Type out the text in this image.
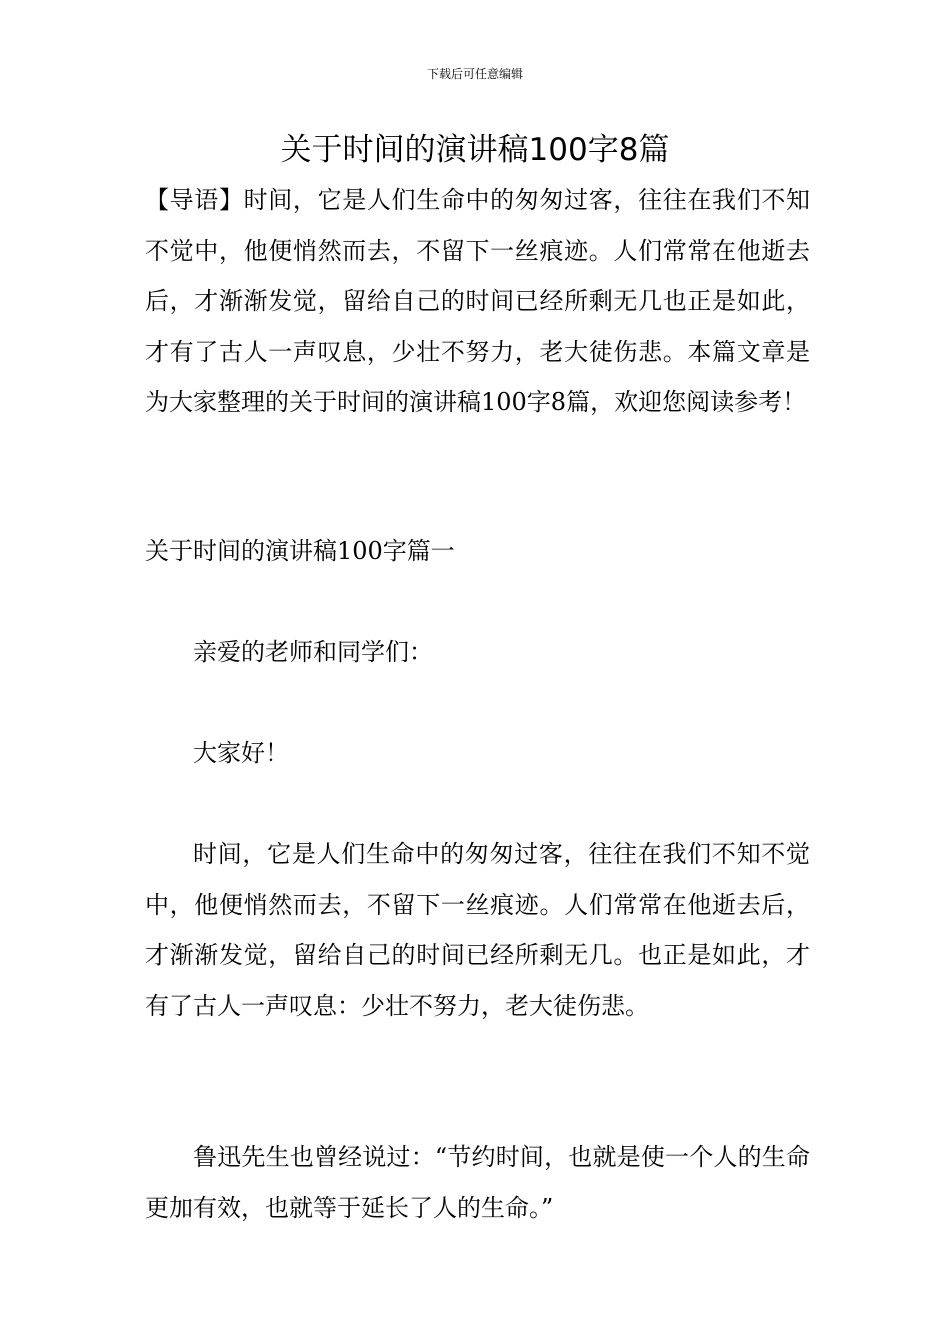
下载后可任意编辑
关于时间的演讲稿100字8篇

【导语】时间，它是人们生命中的匆匆过客，往往在我们不知不觉中，他便悄然而去，不留下一丝痕迹。人们常常在他逝去后，才渐渐发觉，留给自己的时间已经所剩无几也正是如此，才有了古人一声叹息，少壮不努力，老大徒伤悲。本篇文章是为大家整理的关于时间的演讲稿100字8篇，欢迎您阅读参考！

关于时间的演讲稿100字篇一

亲爱的老师和同学们：

大家好！

时间，它是人们生命中的匆匆过客，往往在我们不知不觉中，他便悄然而去，不留下一丝痕迹。人们常常在他逝去后，才渐渐发觉，留给自己的时间已经所剩无几。也正是如此，才有了古人一声叹息：少壮不努力，老大徒伤悲。

鲁迅先生也曾经说过：“节约时间，也就是使一个人的生命更加有效，也就等于延长了人的生命。”
